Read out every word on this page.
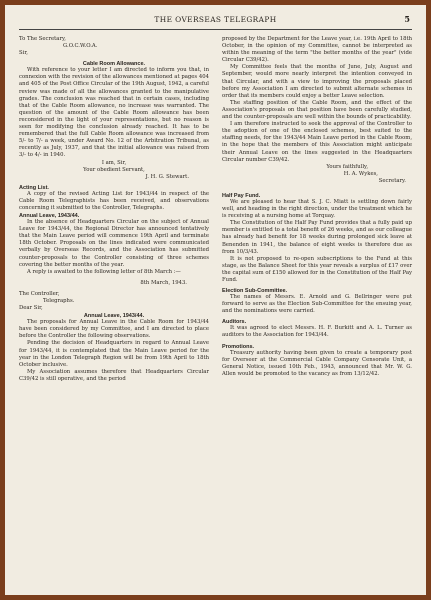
THE OVERSEAS TELEGRAPH	5

To The Secretary,

G.O.C.W.O.A.

Sir,

Cable Room Allowance.

With reference to your letter I am directed to inform you that, in connexion with the revision of the allowances mentioned at pages 404 and 405 of the Post Office Circular of the 19th August, 1942, a careful review was made of all the allowances granted to the manipulative grades. The conclusion was reached that in certain cases, including that of the Cable Room allowance, no increase was warranted. The question of the amount of the Cable Room allowance has been reconsidered in the light of your representations, but no reason is seen for modifying the conclusion already reached. It has to be remembered that the full Cable Room allowance was increased from 5/- to 7/- a week, under Award No. 12 of the Arbitration Tribunal, as recently as July, 1937, and that the initial allowance was raised from 3/- to 4/- in 1940.

I am, Sir,

Your obedient Servant,

J. H. G. Stewart.

Acting List.

A copy of the revised Acting List for 1943/44 in respect of the Cable Room Telegraphists has been received, and observations concerning it submitted to the Controller, Telegraphs.

Annual Leave, 1943/44.

In the absence of Headquarters Circular on the subject of Annual Leave for 1943/44, the Regional Director has announced tentatively that the Main Leave period will commence 19th April and terminate 18th October. Proposals on the lines indicated were communicated verbally by Overseas Records, and the Association has submitted counter-proposals to the Controller consisting of three schemes covering the better months of the year.

A reply is awaited to the following letter of 8th March :—

8th March, 1943.

The Controller,

Telegraphs.

Dear Sir,

Annual Leave, 1943/44.

The proposals for Annual Leave in the Cable Room for 1943/44 have been considered by my Committee, and I am directed to place before the Controller the following observations.

Pending the decision of Headquarters in regard to Annual Leave for 1943/44, it is contemplated that the Main Leave period for the year in the London Telegraph Region will be from 19th April to 18th October inclusive.

My Association assumes therefore that Headquarters Circular C39/42 is still operative, and the period

proposed by the Department for the Leave year, i.e. 19th April to 18th October, in the opinion of my Committee, cannot be interpreted as within the meaning of the term "the better months of the year" (vide Circular C39/42).

My Committee feels that the months of June, July, August and September, would more nearly interpret the intention conveyed in that Circular, and with a view to improving the proposals placed before my Association I am directed to submit alternate schemes in order that its members could enjoy a better Leave selection.

The staffing position of the Cable Room, and the effect of the Association's proposals on that position have been carefully studied, and the counter-proposals are well within the bounds of practicability.

I am therefore instructed to seek the approval of the Controller to the adoption of one of the enclosed schemes, best suited to the staffing needs, for the 1943/44 Main Leave period in the Cable Room, in the hope that the members of this Association might anticipate their Annual Leave on the lines suggested in the Headquarters Circular number C39/42.

Yours faithfully,

H. A. Wykes,

Secretary.

Half Pay Fund.

We are pleased to hear that S. J. C. Miatt is settling down fairly well, and heading in the right direction, under the treatment which he is receiving at a nursing home at Torquay.

The Constitution of the Half Pay Fund provides that a fully paid up member is entitled to a total benefit of 26 weeks, and as our colleague has already had benefit for 18 weeks during prolonged sick leave at Benenden in 1941, the balance of eight weeks is therefore due as from 10/3/43.

It is not proposed to re-open subscriptions to the Fund at this stage, as the Balance Sheet for this year reveals a surplus of £17 over the capital sum of £150 allowed for in the Constitution of the Half Pay Fund.

Election Sub-Committee.

The names of Messrs. E. Arnold and G. Bellringer were put forward to serve as the Election Sub-Committee for the ensuing year, and the nominations were carried.

Auditors.

It was agreed to elect Messrs. H. F. Burkitt and A. L. Turner as auditors to the Association for 1943/44.

Promotions.

Treasury authority having been given to create a temporary post for Overseer at the Commercial Cable Company Censorate Unit, a General Notice, issued 10th Feb., 1943, announced that Mr. W. G. Allen would be promoted to the vacancy as from 13/12/42.
